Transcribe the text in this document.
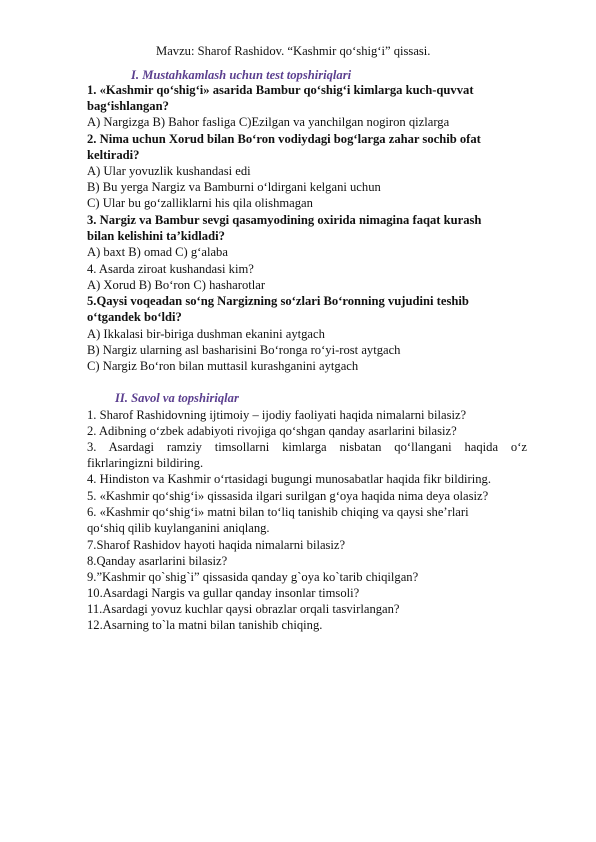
Mavzu: Sharof Rashidov. “Kashmir qo‘shig‘i” qissasi.
I. Mustahkamlash uchun test topshiriqlari
1. «Kashmir qo‘shig‘i» asarida Bambur qo‘shig‘i kimlarga kuch-quvvat
bag‘ishlangan?
A) Nargizga B) Bahor fasliga C)Ezilgan va yanchilgan nogiron qizlarga
2. Nima uchun Xorud bilan Bo‘ron vodiydagi bog‘larga zahar sochib ofat
keltiradi?
A) Ular yovuzlik kushandasi edi
B) Bu yerga Nargiz va Bamburni o‘ldirgani kelgani uchun
C) Ular bu go‘zalliklarni his qila olishmagan
3. Nargiz va Bambur sevgi qasamyodining oxirida nimagina faqat kurash
bilan kelishini ta’kidladi?
A) baxt B) omad C) g‘alaba
4. Asarda ziroat kushandasi kim?
A) Xorud B) Bo‘ron C) hasharotlar
5.Qaysi voqeadan so‘ng Nargizning so‘zlari Bo‘ronning vujudini teshib
o‘tgandek bo‘ldi?
A) Ikkalasi bir-biriga dushman ekanini aytgach
B) Nargiz ularning asl basharisini Bo‘ronga ro‘yi-rost aytgach
C) Nargiz Bo‘ron bilan muttasil kurashganini aytgach
II. Savol va topshiriqlar
1. Sharof Rashidovning ijtimoiy – ijodiy faoliyati haqida nimalarni bilasiz?
2. Adibning o‘zbek adabiyoti rivojiga qo‘shgan qanday asarlarini bilasiz?
3. Asardagi ramziy timsollarni kimlarga nisbatan qo‘llangani haqida o‘z
fikrlaringizni bildiring.
4. Hindiston va Kashmir o‘rtasidagi bugungi munosabatlar haqida fikr bildiring.
5. «Kashmir qo‘shig‘i» qissasida ilgari surilgan g‘oya haqida nima deya olasiz?
6. «Kashmir qo‘shig‘i» matni bilan to‘liq tanishib chiqing va qaysi she’rlari
qo‘shiq qilib kuylanganini aniqlang.
7.Sharof Rashidov hayoti haqida nimalarni bilasiz?
8.Qanday asarlarini bilasiz?
9.”Kashmir qo`shig`i” qissasida qanday g`oya ko`tarib chiqilgan?
10.Asardagi Nargis va gullar qanday insonlar timsoli?
11.Asardagi yovuz kuchlar qaysi obrazlar orqali tasvirlangan?
12.Asarning to`la matni bilan tanishib chiqing.
